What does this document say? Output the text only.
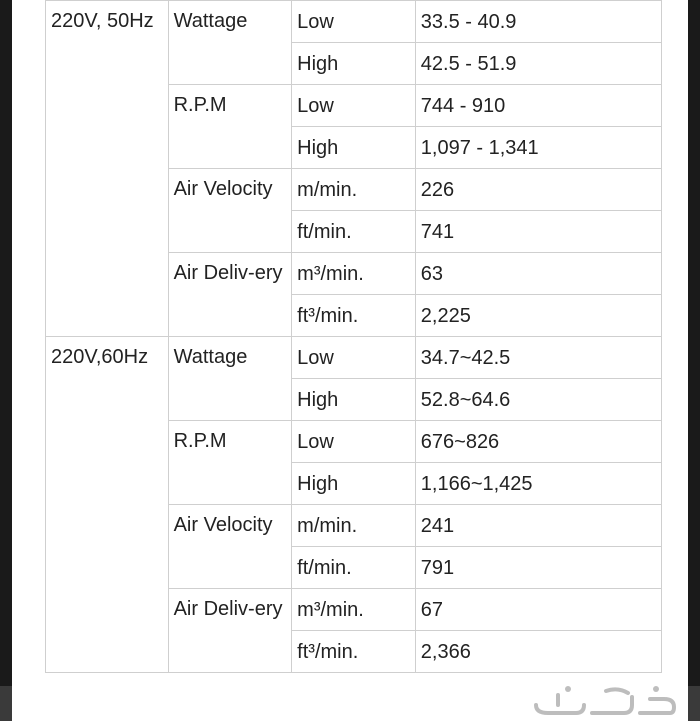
220V, 50Hz	Wattage	Low	33.5 - 40.9
		High	42.5 - 51.9
	R.P.M	Low	744 - 910
		High	1,097 - 1,341
	Air Velocity	m/min.	226
		ft/min.	741
	Air Deliv-ery	m³/min.	63
		ft³/min.	2,225
220V,60Hz	Wattage	Low	34.7~42.5
		High	52.8~64.6
	R.P.M	Low	676~826
		High	1,166~1,425
	Air Velocity	m/min.	241
		ft/min.	791
	Air Deliv-ery	m³/min.	67
		ft³/min.	2,366
